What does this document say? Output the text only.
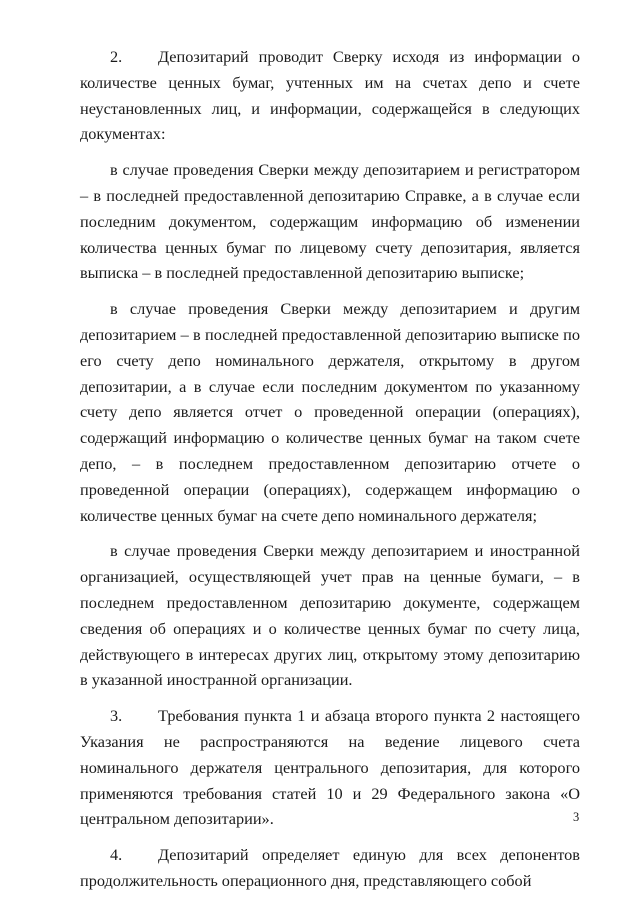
2. Депозитарий проводит Сверку исходя из информации о количестве ценных бумаг, учтенных им на счетах депо и счете неустановленных лиц, и информации, содержащейся в следующих документах:

в случае проведения Сверки между депозитарием и регистратором – в последней предоставленной депозитарию Справке, а в случае если последним документом, содержащим информацию об изменении количества ценных бумаг по лицевому счету депозитария, является выписка – в последней предоставленной депозитарию выписке;

в случае проведения Сверки между депозитарием и другим депозитарием – в последней предоставленной депозитарию выписке по его счету депо номинального держателя, открытому в другом депозитарии, а в случае если последним документом по указанному счету депо является отчет о проведенной операции (операциях), содержащий информацию о количестве ценных бумаг на таком счете депо, – в последнем предоставленном депозитарию отчете о проведенной операции (операциях), содержащем информацию о количестве ценных бумаг на счете депо номинального держателя;

в случае проведения Сверки между депозитарием и иностранной организацией, осуществляющей учет прав на ценные бумаги, – в последнем предоставленном депозитарию документе, содержащем сведения об операциях и о количестве ценных бумаг по счету лица, действующего в интересах других лиц, открытому этому депозитарию в указанной иностранной организации.

3. Требования пункта 1 и абзаца второго пункта 2 настоящего Указания не распространяются на ведение лицевого счета номинального держателя центрального депозитария, для которого применяются требования статей 10 и 29 Федерального закона «О центральном депозитарии».

4. Депозитарий определяет единую для всех депонентов продолжительность операционного дня, представляющего собой

3
